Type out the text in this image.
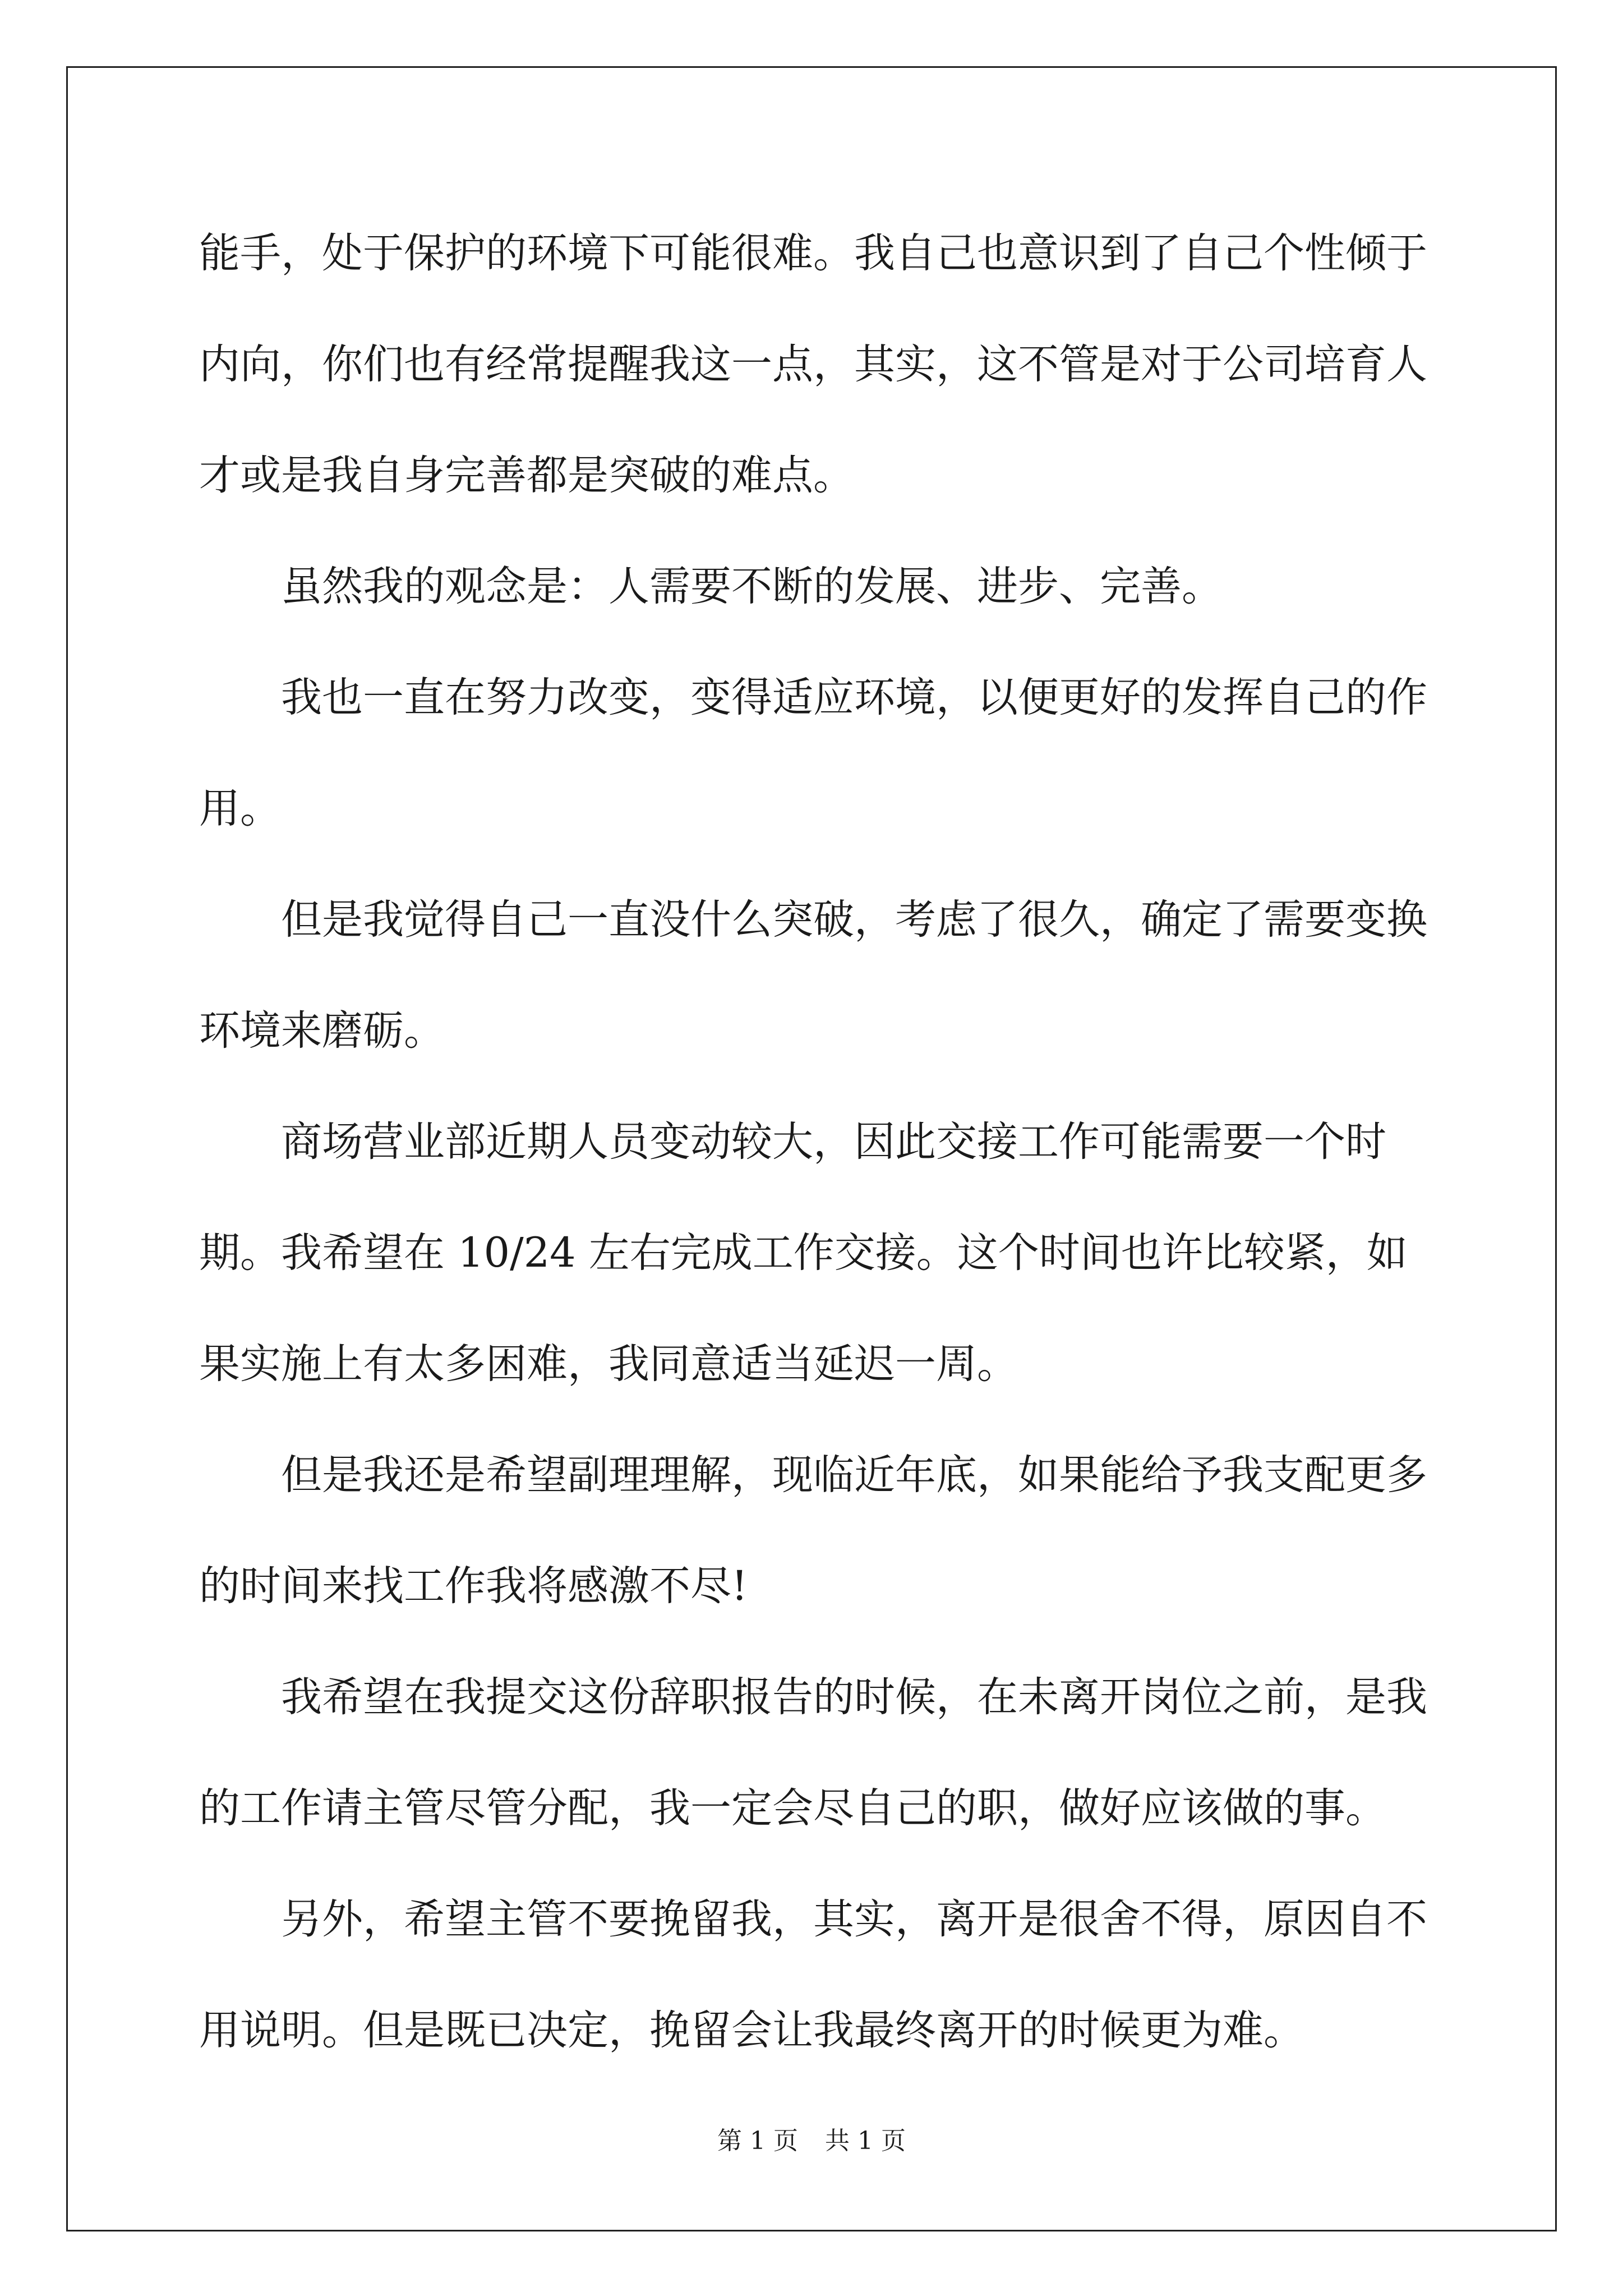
能手，处于保护的环境下可能很难。我自己也意识到了自己个性倾于内向，你们也有经常提醒我这一点，其实，这不管是对于公司培育人才或是我自身完善都是突破的难点。

虽然我的观念是：人需要不断的发展、进步、完善。

我也一直在努力改变，变得适应环境，以便更好的发挥自己的作用。

但是我觉得自己一直没什么突破，考虑了很久，确定了需要变换环境来磨砺。

商场营业部近期人员变动较大，因此交接工作可能需要一个时期。我希望在 10/24 左右完成工作交接。这个时间也许比较紧，如果实施上有太多困难，我同意适当延迟一周。

但是我还是希望副理理解，现临近年底，如果能给予我支配更多的时间来找工作我将感激不尽!

我希望在我提交这份辞职报告的时候，在未离开岗位之前，是我的工作请主管尽管分配，我一定会尽自己的职，做好应该做的事。

另外，希望主管不要挽留我，其实，离开是很舍不得，原因自不用说明。但是既已决定，挽留会让我最终离开的时候更为难。

第 1 页 共 1 页
